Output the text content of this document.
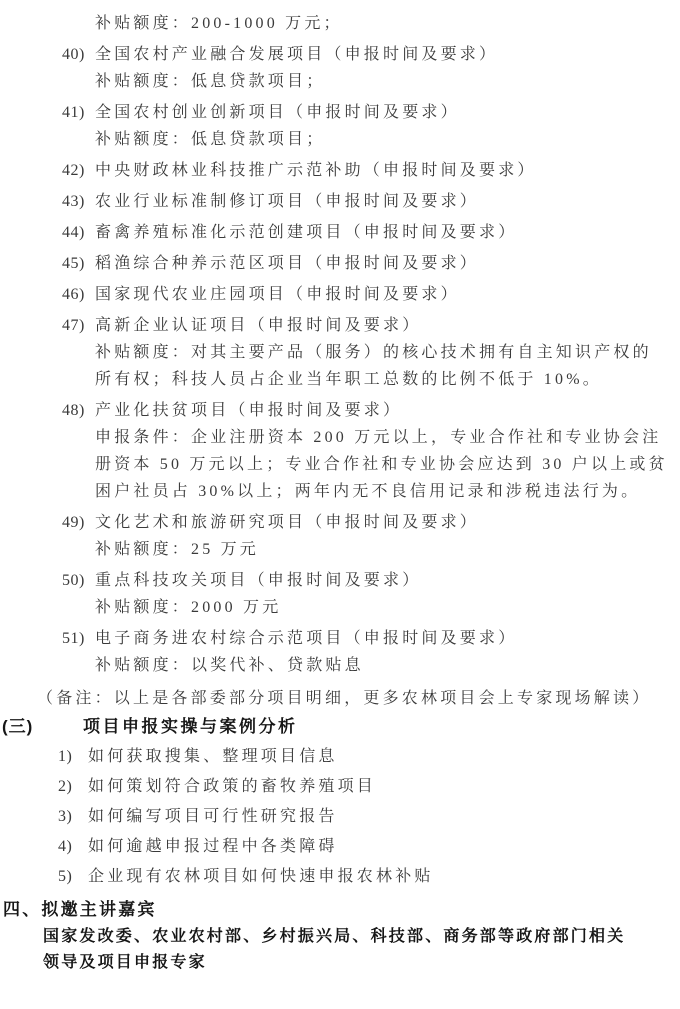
补贴额度：200-1000 万元；
40) 全国农村产业融合发展项目（申报时间及要求）
补贴额度：低息贷款项目；
41) 全国农村创业创新项目（申报时间及要求）
补贴额度：低息贷款项目；
42) 中央财政林业科技推广示范补助（申报时间及要求）
43) 农业行业标准制修订项目（申报时间及要求）
44) 畜禽养殖标准化示范创建项目（申报时间及要求）
45) 稻渔综合种养示范区项目（申报时间及要求）
46) 国家现代农业庄园项目（申报时间及要求）
47) 高新企业认证项目（申报时间及要求）
补贴额度：对其主要产品（服务）的核心技术拥有自主知识产权的
所有权；科技人员占企业当年职工总数的比例不低于 10%。
48) 产业化扶贫项目（申报时间及要求）
申报条件：企业注册资本 200 万元以上，专业合作社和专业协会注
册资本 50 万元以上；专业合作社和专业协会应达到 30 户以上或贫
困户社员占 30%以上；两年内无不良信用记录和涉税违法行为。
49) 文化艺术和旅游研究项目（申报时间及要求）
补贴额度：25 万元
50) 重点科技攻关项目（申报时间及要求）
补贴额度：2000 万元
51) 电子商务进农村综合示范项目（申报时间及要求）
补贴额度：以奖代补、贷款贴息
（备注：以上是各部委部分项目明细，更多农林项目会上专家现场解读）
(三)	项目申报实操与案例分析
1) 如何获取搜集、整理项目信息
2) 如何策划符合政策的畜牧养殖项目
3) 如何编写项目可行性研究报告
4) 如何逾越申报过程中各类障碍
5) 企业现有农林项目如何快速申报农林补贴
四、拟邀主讲嘉宾
国家发改委、农业农村部、乡村振兴局、科技部、商务部等政府部门相关
领导及项目申报专家
